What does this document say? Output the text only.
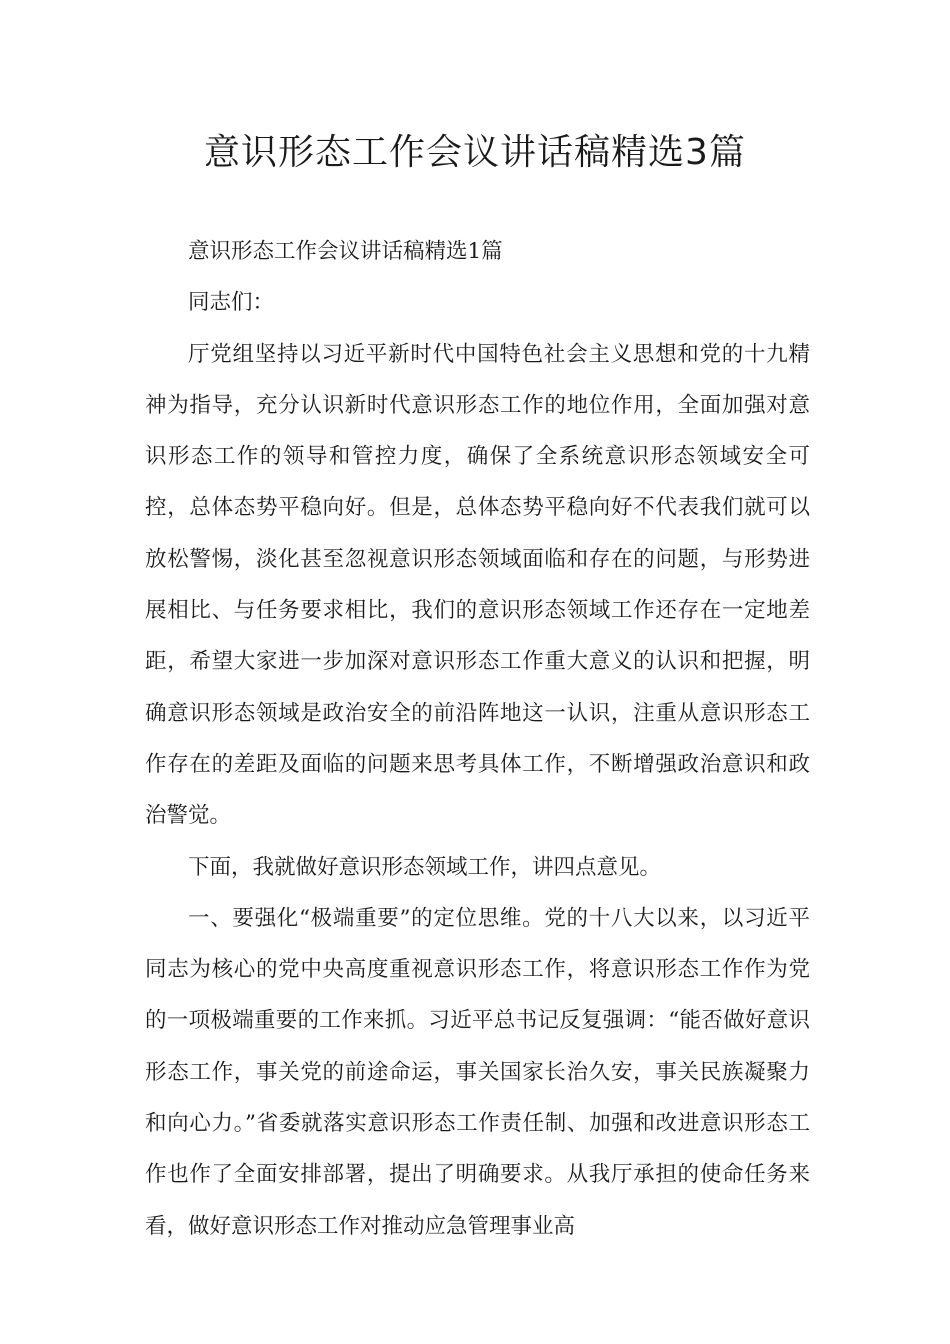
意识形态工作会议讲话稿精选3篇

意识形态工作会议讲话稿精选1篇

同志们：

厅党组坚持以习近平新时代中国特色社会主义思想和党的十九精神为指导，充分认识新时代意识形态工作的地位作用，全面加强对意识形态工作的领导和管控力度，确保了全系统意识形态领域安全可控，总体态势平稳向好。但是，总体态势平稳向好不代表我们就可以放松警惕，淡化甚至忽视意识形态领域面临和存在的问题，与形势进展相比、与任务要求相比，我们的意识形态领域工作还存在一定地差距，希望大家进一步加深对意识形态工作重大意义的认识和把握，明确意识形态领域是政治安全的前沿阵地这一认识，注重从意识形态工作存在的差距及面临的问题来思考具体工作，不断增强政治意识和政治警觉。

下面，我就做好意识形态领域工作，讲四点意见。

一、要强化“极端重要”的定位思维。党的十八大以来，以习近平同志为核心的党中央高度重视意识形态工作，将意识形态工作作为党的一项极端重要的工作来抓。习近平总书记反复强调：“能否做好意识形态工作，事关党的前途命运，事关国家长治久安，事关民族凝聚力和向心力。”省委就落实意识形态工作责任制、加强和改进意识形态工作也作了全面安排部署，提出了明确要求。从我厅承担的使命任务来看，做好意识形态工作对推动应急管理事业高
